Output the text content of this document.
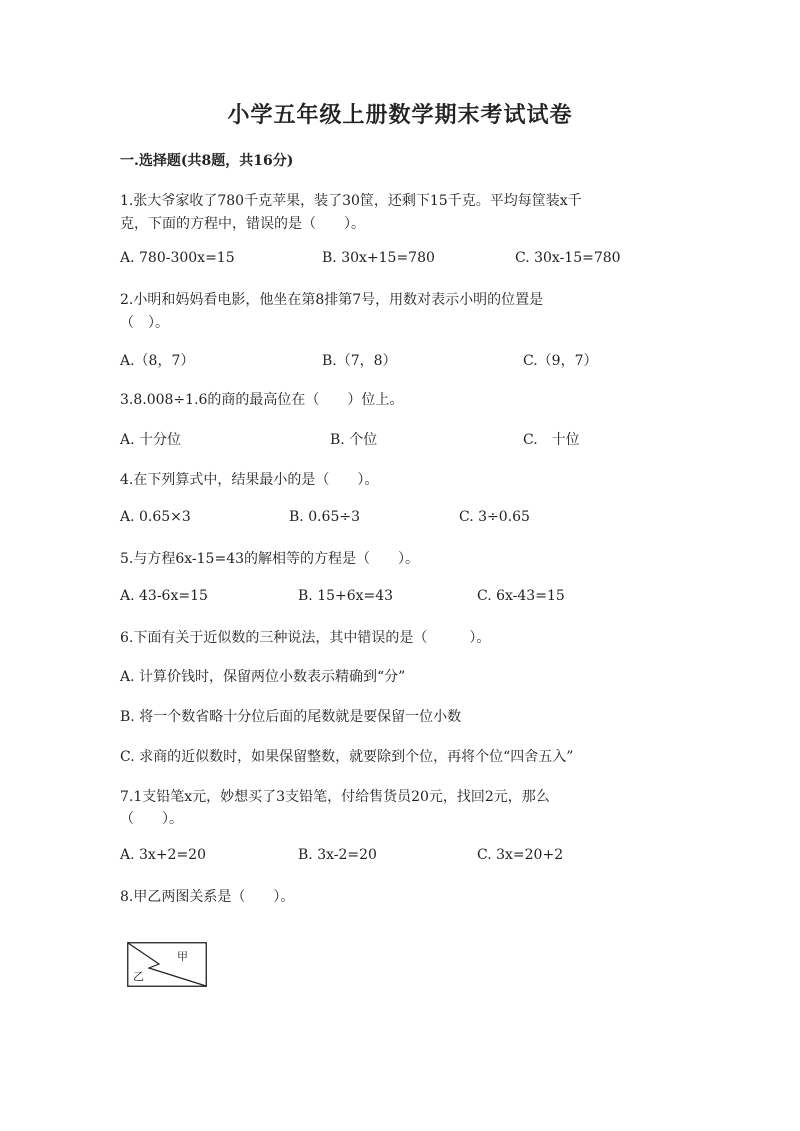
小学五年级上册数学期末考试试卷
一.选择题(共8题，共16分)
1.张大爷家收了780千克苹果，装了30筐，还剩下15千克。平均每筐装x千
克，下面的方程中，错误的是（　　）。
A. 780-300x=15	B. 30x+15=780	C. 30x-15=780
2.小明和妈妈看电影，他坐在第8排第7号，用数对表示小明的位置是
（　）。
A.（8，7）	B.（7，8）	C.（9，7）
3.8.008÷1.6的商的最高位在（　　）位上。
A. 十分位	B. 个位	C.　十位
4.在下列算式中，结果最小的是（　　）。
A. 0.65×3	B. 0.65÷3	C. 3÷0.65
5.与方程6x-15=43的解相等的方程是（　　）。
A. 43-6x=15	B. 15+6x=43	C. 6x-43=15
6.下面有关于近似数的三种说法，其中错误的是（　　　）。
A. 计算价钱时，保留两位小数表示精确到“分”
B. 将一个数省略十分位后面的尾数就是要保留一位小数
C. 求商的近似数时，如果保留整数，就要除到个位，再将个位“四舍五入”
7.1支铅笔x元，妙想买了3支铅笔，付给售货员20元，找回2元，那么
（　　）。
A. 3x+2=20	B. 3x-2=20	C. 3x=20+2
8.甲乙两图关系是（　　）。
甲
乙
